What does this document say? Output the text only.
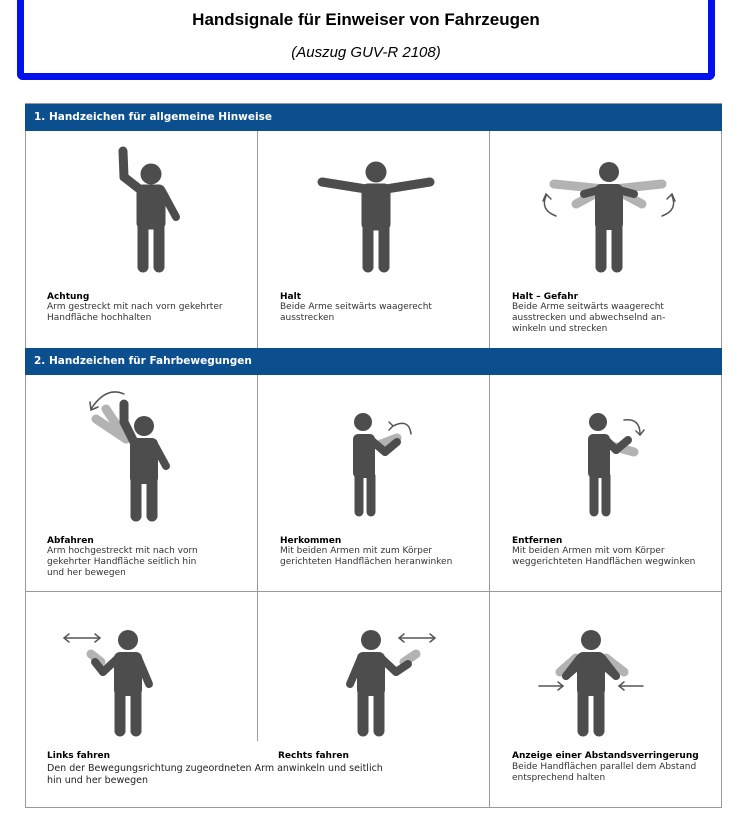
Handsignale für Einweiser von Fahrzeugen
(Auszug GUV-R 2108)
1. Handzeichen für allgemeine Hinweise
2. Handzeichen für Fahrbewegungen
Achtung
Arm gestreckt mit nach vorn gekehrter
Handfläche hochhalten
Halt
Beide Arme seitwärts waagerecht
ausstrecken
Halt – Gefahr
Beide Arme seitwärts waagerecht
ausstrecken und abwechselnd an-
winkeln und strecken
Abfahren
Arm hochgestreckt mit nach vorn
gekehrter Handfläche seitlich hin
und her bewegen
Herkommen
Mit beiden Armen mit zum Körper
gerichteten Handflächen heranwinken
Entfernen
Mit beiden Armen mit vom Körper
weggerichteten Handflächen wegwinken
Links fahren	Rechts fahren
Den der Bewegungsrichtung zugeordneten Arm anwinkeln und seitlich
hin und her bewegen
Anzeige einer Abstandsverringerung
Beide Handflächen parallel dem Abstand
entsprechend halten
